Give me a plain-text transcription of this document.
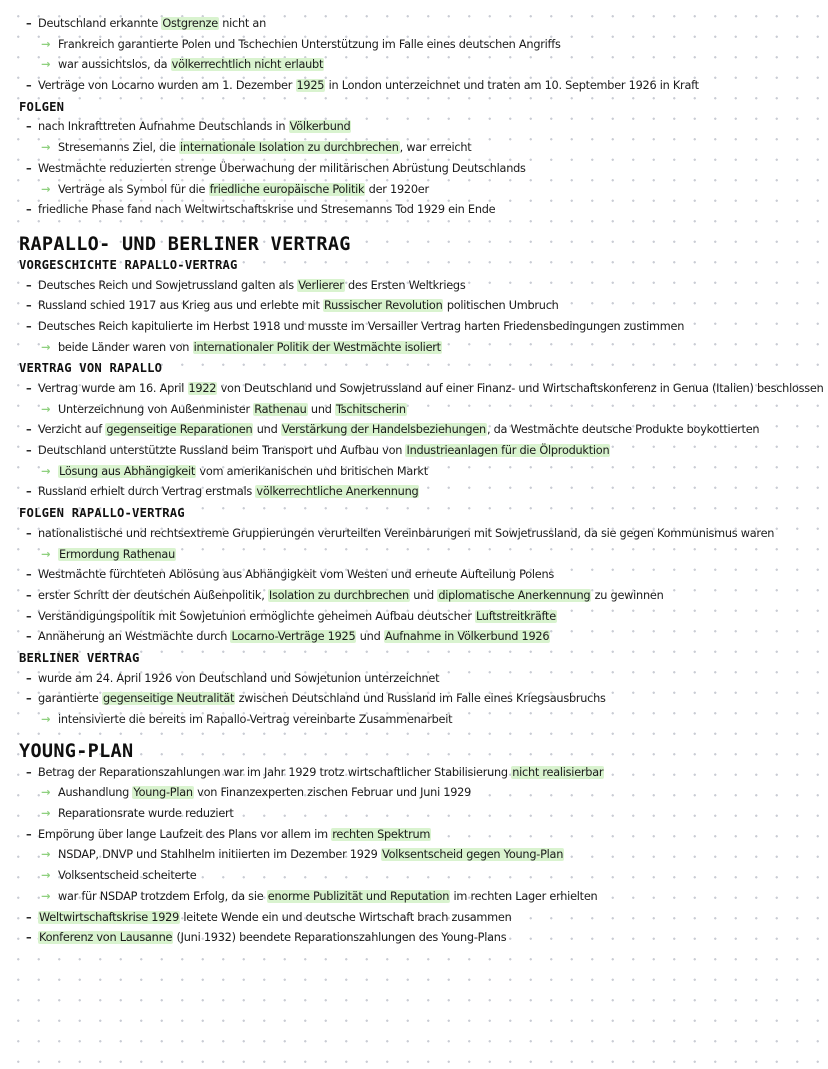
– Deutschland erkannte Ostgrenze nicht an
→ Frankreich garantierte Polen und Tschechien Unterstützung im Falle eines deutschen Angriffs
→ war aussichtslos, da völkerrechtlich nicht erlaubt
– Verträge von Locarno wurden am 1. Dezember 1925 in London unterzeichnet und traten am 10. September 1926 in Kraft
FOLGEN
– nach Inkrafttreten Aufnahme Deutschlands in Völkerbund
→ Stresemanns Ziel, die internationale Isolation zu durchbrechen, war erreicht
– Westmächte reduzierten strenge Überwachung der militärischen Abrüstung Deutschlands
→ Verträge als Symbol für die friedliche europäische Politik der 1920er
– friedliche Phase fand nach Weltwirtschaftskrise und Stresemanns Tod 1929 ein Ende
RAPALLO- UND BERLINER VERTRAG
VORGESCHICHTE RAPALLO-VERTRAG
– Deutsches Reich und Sowjetrussland galten als Verlierer des Ersten Weltkriegs
– Russland schied 1917 aus Krieg aus und erlebte mit Russischer Revolution politischen Umbruch
– Deutsches Reich kapitulierte im Herbst 1918 und musste im Versailler Vertrag harten Friedensbedingungen zustimmen
→ beide Länder waren von internationaler Politik der Westmächte isoliert
VERTRAG VON RAPALLO
– Vertrag wurde am 16. April 1922 von Deutschland und Sowjetrussland auf einer Finanz- und Wirtschaftskonferenz in Genua (Italien) beschlossen
→ Unterzeichnung von Außenminister Rathenau und Tschitscherin
– Verzicht auf gegenseitige Reparationen und Verstärkung der Handelsbeziehungen, da Westmächte deutsche Produkte boykottierten
– Deutschland unterstützte Russland beim Transport und Aufbau von Industrieanlagen für die Ölproduktion
→ Lösung aus Abhängigkeit vom amerikanischen und britischen Markt
– Russland erhielt durch Vertrag erstmals völkerrechtliche Anerkennung
FOLGEN RAPALLO-VERTRAG
– nationalistische und rechtsextreme Gruppierungen verurteilten Vereinbarungen mit Sowjetrussland, da sie gegen Kommunismus waren
→ Ermordung Rathenau
– Westmächte fürchteten Ablösung aus Abhängigkeit vom Westen und erneute Aufteilung Polens
– erster Schritt der deutschen Außenpolitik, Isolation zu durchbrechen und diplomatische Anerkennung zu gewinnen
– Verständigungspolitik mit Sowjetunion ermöglichte geheimen Aufbau deutscher Luftstreitkräfte
– Annäherung an Westmächte durch Locarno-Verträge 1925 und Aufnahme in Völkerbund 1926
BERLINER VERTRAG
– wurde am 24. April 1926 von Deutschland und Sowjetunion unterzeichnet
– garantierte gegenseitige Neutralität zwischen Deutschland und Russland im Falle eines Kriegsausbruchs
→ intensivierte die bereits im Rapallo-Vertrag vereinbarte Zusammenarbeit
YOUNG-PLAN
– Betrag der Reparationszahlungen war im Jahr 1929 trotz wirtschaftlicher Stabilisierung nicht realisierbar
→ Aushandlung Young-Plan von Finanzexperten zischen Februar und Juni 1929
→ Reparationsrate wurde reduziert
– Empörung über lange Laufzeit des Plans vor allem im rechten Spektrum
→ NSDAP, DNVP und Stahlhelm initiierten im Dezember 1929 Volksentscheid gegen Young-Plan
→ Volksentscheid scheiterte
→ war für NSDAP trotzdem Erfolg, da sie enorme Publizität und Reputation im rechten Lager erhielten
– Weltwirtschaftskrise 1929 leitete Wende ein und deutsche Wirtschaft brach zusammen
– Konferenz von Lausanne (Juni 1932) beendete Reparationszahlungen des Young-Plans
